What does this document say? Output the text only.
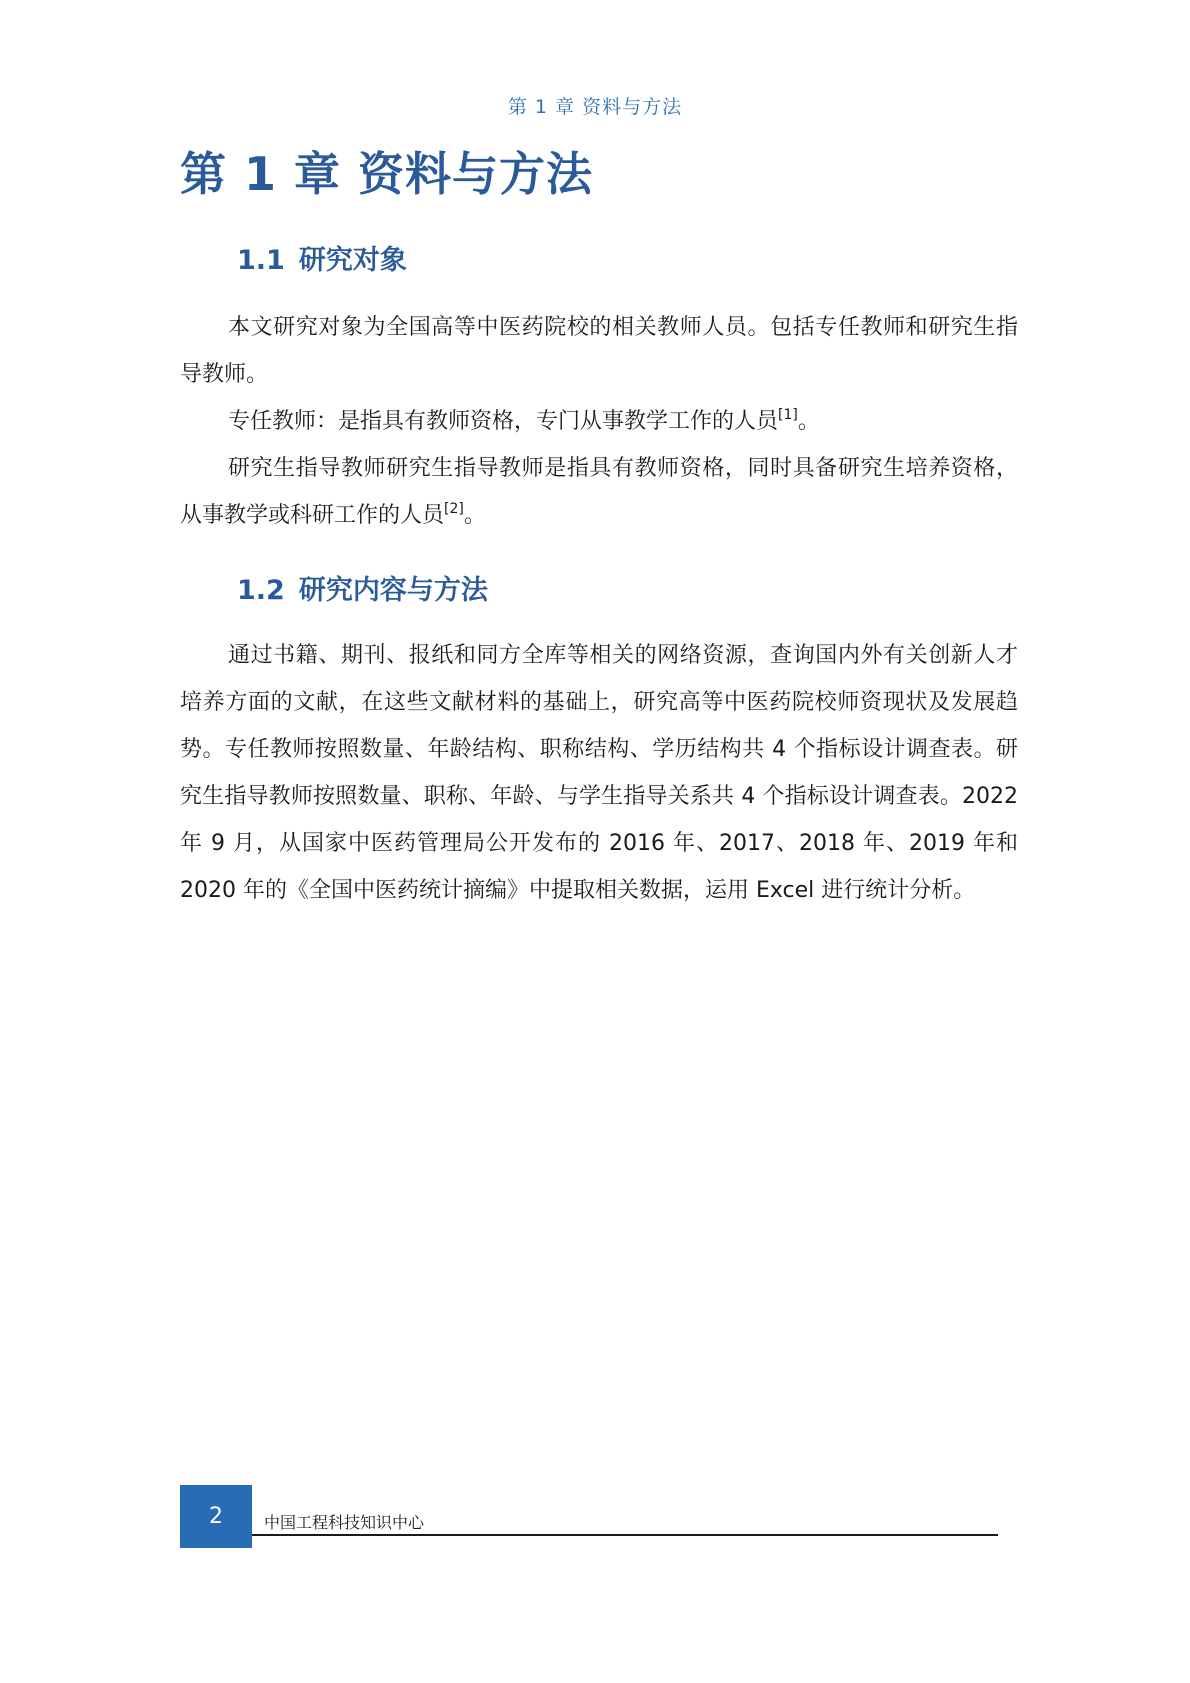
第 1 章 资料与方法
第 1 章 资料与方法
1.1 研究对象

本文研究对象为全国高等中医药院校的相关教师人员。包括专任教师和研究生指导教师。

专任教师：是指具有教师资格，专门从事教学工作的人员[1]。

研究生指导教师研究生指导教师是指具有教师资格，同时具备研究生培养资格，从事教学或科研工作的人员[2]。

1.2 研究内容与方法

通过书籍、期刊、报纸和同方全库等相关的网络资源，查询国内外有关创新人才培养方面的文献，在这些文献材料的基础上，研究高等中医药院校师资现状及发展趋势。专任教师按照数量、年龄结构、职称结构、学历结构共 4 个指标设计调查表。研究生指导教师按照数量、职称、年龄、与学生指导关系共 4 个指标设计调查表。2022 年 9 月，从国家中医药管理局公开发布的 2016 年、2017、2018 年、2019 年和 2020 年的《全国中医药统计摘编》中提取相关数据，运用 Excel 进行统计分析。

2	中国工程科技知识中心
